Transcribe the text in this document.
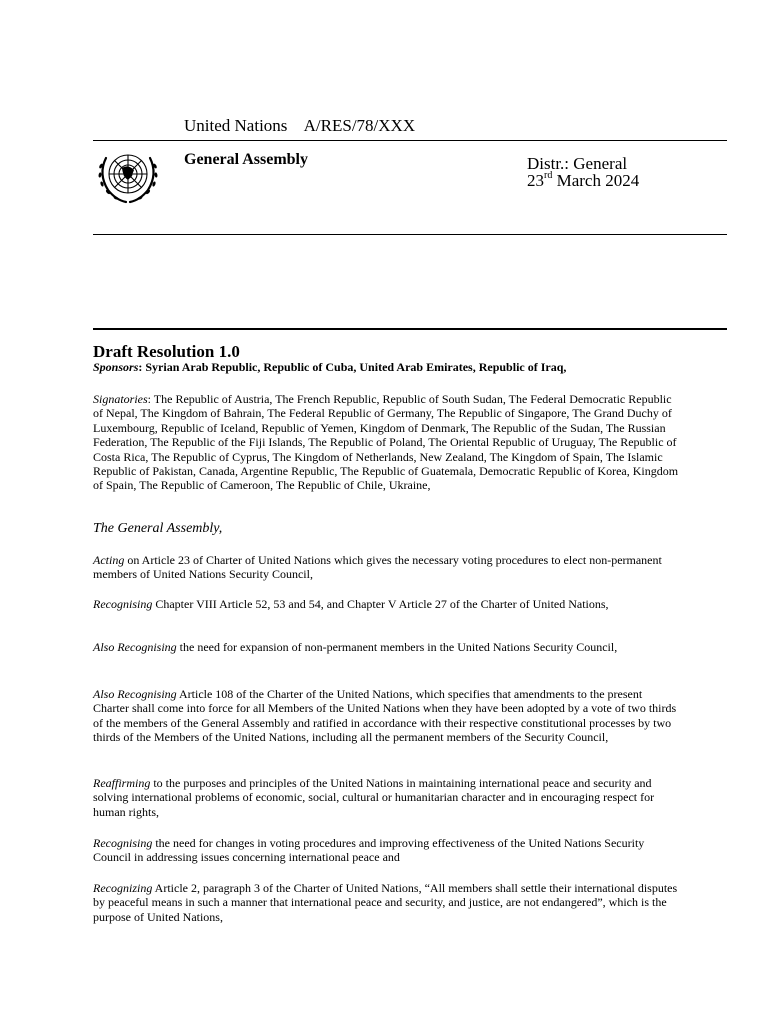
United Nations A/RES/78/XXX
General Assembly	Distr.: General
23rd March 2024
Draft Resolution 1.0
Sponsors: Syrian Arab Republic, Republic of Cuba, United Arab Emirates, Republic of Iraq,
Signatories: The Republic of Austria, The French Republic, Republic of South Sudan, The Federal Democratic Republic of Nepal, The Kingdom of Bahrain, The Federal Republic of Germany, The Republic of Singapore, The Grand Duchy of Luxembourg, Republic of Iceland, Republic of Yemen, Kingdom of Denmark, The Republic of the Sudan, The Russian Federation, The Republic of the Fiji Islands, The Republic of Poland, The Oriental Republic of Uruguay, The Republic of Costa Rica, The Republic of Cyprus, The Kingdom of Netherlands, New Zealand, The Kingdom of Spain, The Islamic Republic of Pakistan, Canada, Argentine Republic, The Republic of Guatemala, Democratic Republic of Korea, Kingdom of Spain, The Republic of Cameroon, The Republic of Chile, Ukraine,
The General Assembly,
Acting on Article 23 of Charter of United Nations which gives the necessary voting procedures to elect non-permanent members of United Nations Security Council,
Recognising Chapter VIII Article 52, 53 and 54, and Chapter V Article 27 of the Charter of United Nations,
Also Recognising the need for expansion of non-permanent members in the United Nations Security Council,
Also Recognising Article 108 of the Charter of the United Nations, which specifies that amendments to the present Charter shall come into force for all Members of the United Nations when they have been adopted by a vote of two thirds of the members of the General Assembly and ratified in accordance with their respective constitutional processes by two thirds of the Members of the United Nations, including all the permanent members of the Security Council,
Reaffirming to the purposes and principles of the United Nations in maintaining international peace and security and solving international problems of economic, social, cultural or humanitarian character and in encouraging respect for human rights,
Recognising the need for changes in voting procedures and improving effectiveness of the United Nations Security Council in addressing issues concerning international peace and
Recognizing Article 2, paragraph 3 of the Charter of United Nations, “All members shall settle their international disputes by peaceful means in such a manner that international peace and security, and justice, are not endangered”, which is the purpose of United Nations,
